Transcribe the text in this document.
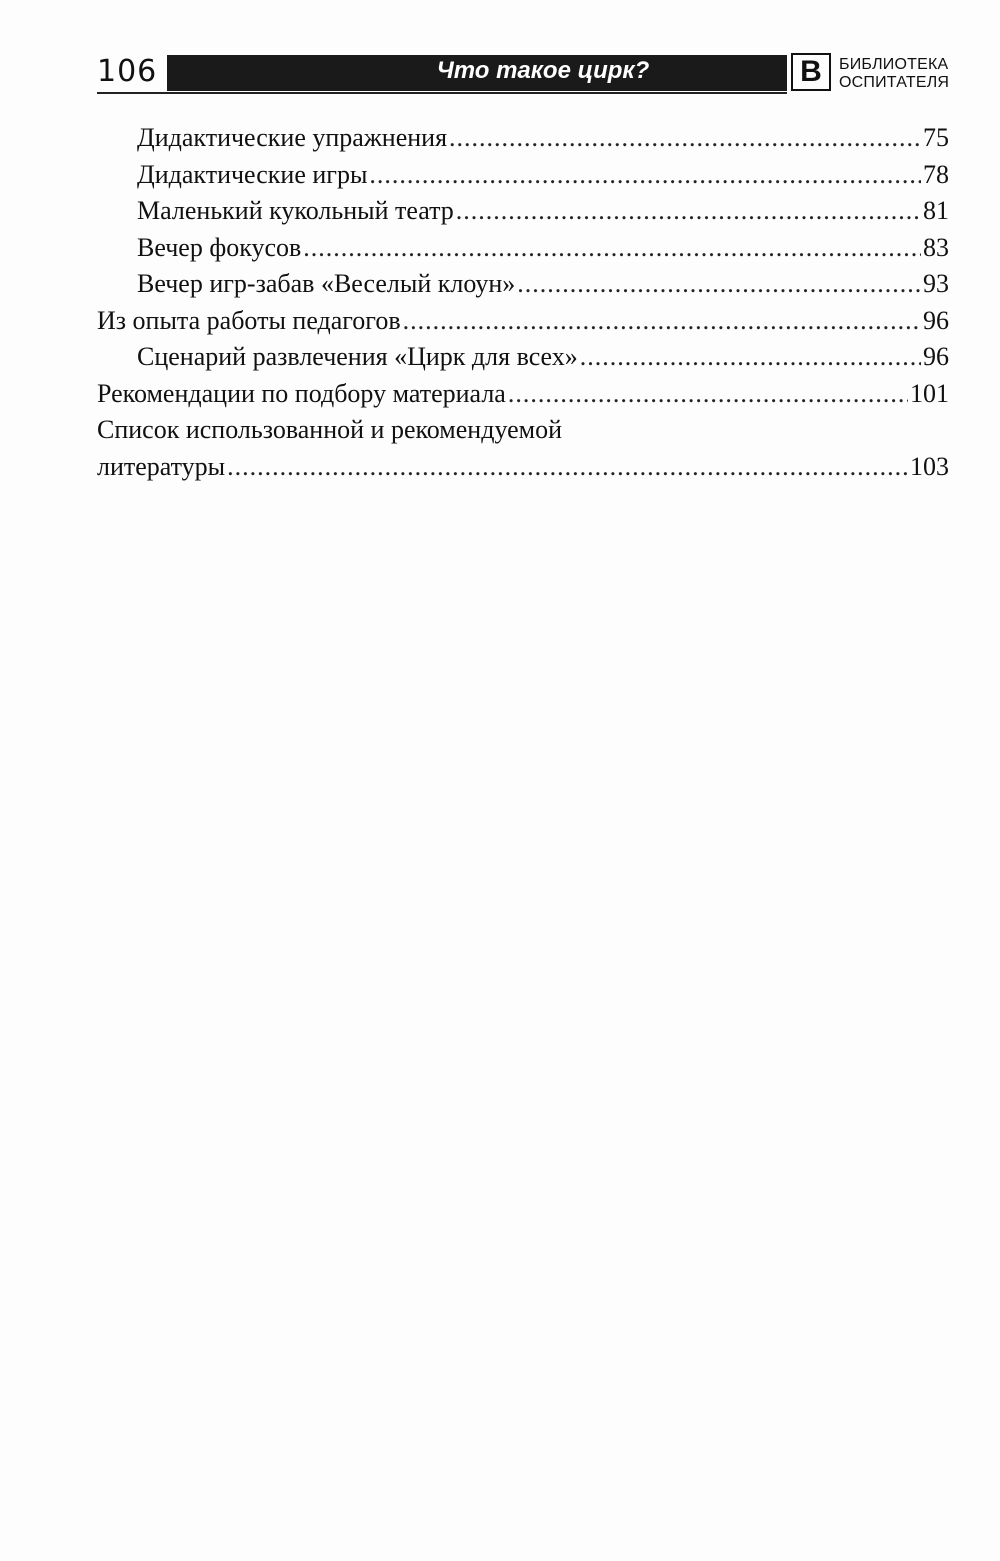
106	Что такое цирк?	В	БИБЛИОТЕКА
ОСПИТАТЕЛЯ
Дидактические упражнения .....	75
Дидактические игры .....	78
Маленький кукольный театр .....	81
Вечер фокусов .....	83
Вечер игр-забав «Веселый клоун» .....	93
Из опыта работы педагогов .....	96
Сценарий развлечения «Цирк для всех» .....	96
Рекомендации по подбору материала .....	101
Список использованной и рекомендуемой
литературы .....	103
